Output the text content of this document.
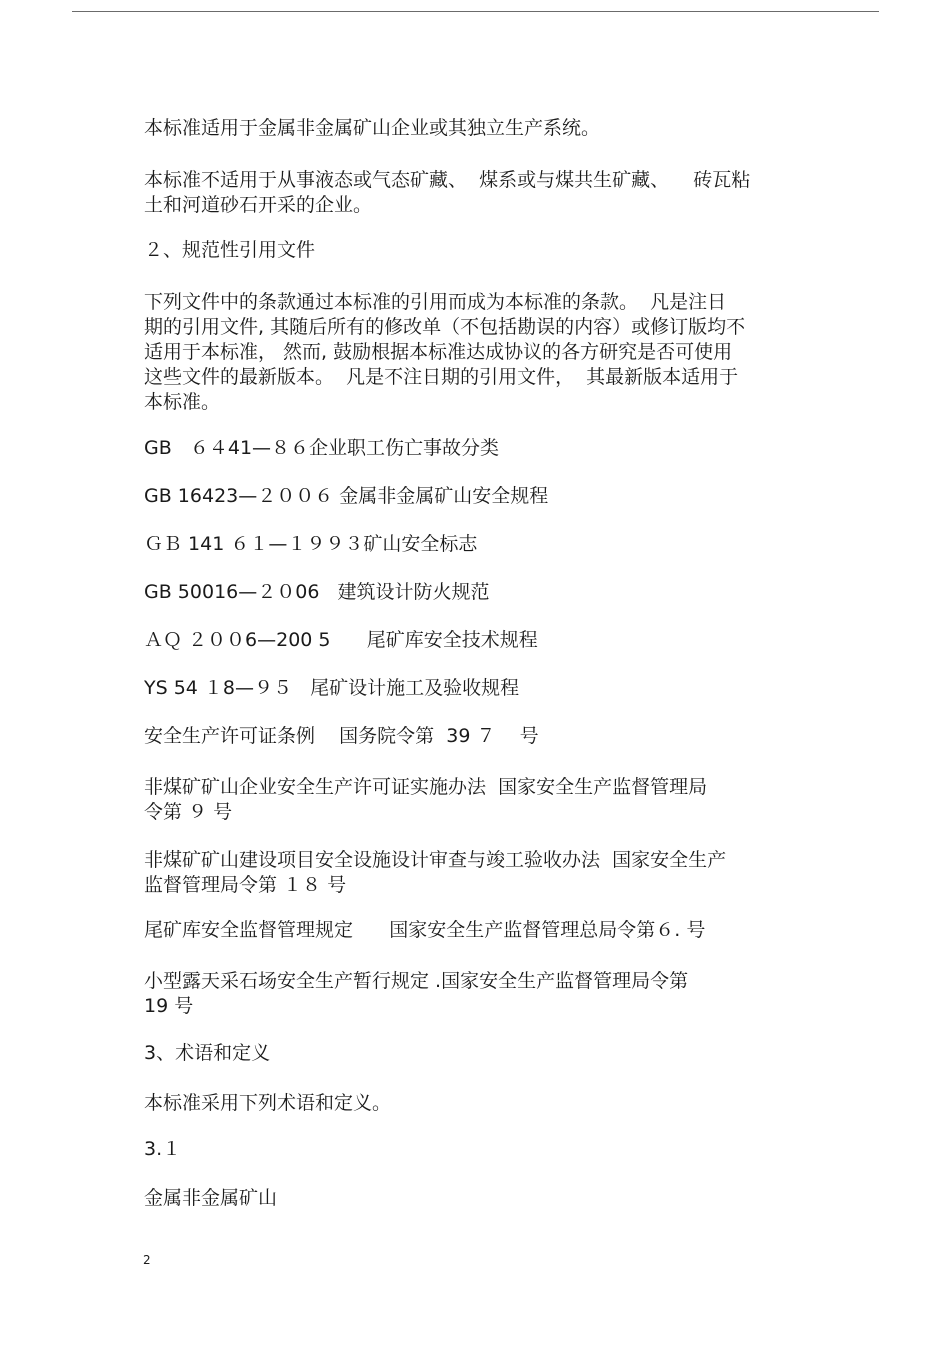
本标准适用于金属非金属矿山企业或其独立生产系统。

本标准不适用于从事液态或气态矿藏、  煤系或与煤共生矿藏、    砖瓦粘

土和河道砂石开采的企业。

２、规范性引用文件

下列文件中的条款通过本标准的引用而成为本标准的条款。  凡是注日

期的引用文件, 其随后所有的修改单（不包括勘误的内容）或修订版均不

适用于本标准， 然而, 鼓励根据本标准达成协议的各方研究是否可使用

这些文件的最新版本。  凡是不注日期的引用文件，  其最新版本适用于

本标准。

GB   ６４41—８６企业职工伤亡事故分类

GB 16423—２００６ 金属非金属矿山安全规程

ＧＢ 141 ６１—１９９３矿山安全标志

GB 50016—２０06   建筑设计防火规范

ＡＱ ２００6—200 5      尾矿库安全技术规程

YS 54 １8—９５   尾矿设计施工及验收规程

安全生产许可证条例    国务院令第  39 ７    号

非煤矿矿山企业安全生产许可证实施办法  国家安全生产监督管理局

令第 ９ 号

非煤矿矿山建设项目安全设施设计审查与竣工验收办法  国家安全生产

监督管理局令第 １８ 号

尾矿库安全监督管理规定      国家安全生产监督管理总局令第６. 号

小型露天采石场安全生产暂行规定 .国家安全生产监督管理局令第

19 号

3、术语和定义

本标准采用下列术语和定义。

3.１

金属非金属矿山

2
